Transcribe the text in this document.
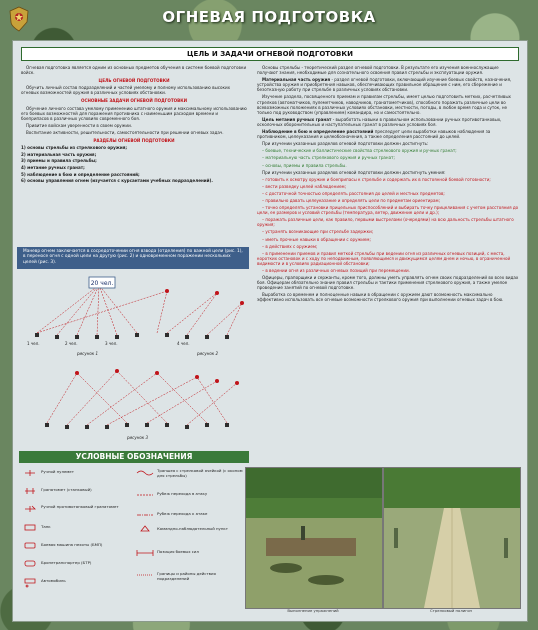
ОГНЕВАЯ ПОДГОТОВКА
ЦЕЛЬ И ЗАДАЧИ ОГНЕВОЙ ПОДГОТОВКИ

Огневая подготовка является одним из основных предметов обучения в системе боевой подготовки войск.

ЦЕЛЬ ОГНЕВОЙ ПОДГОТОВКИ

Обучить личный состав подразделений и частей умелому и полному использованию высоких огневых возможностей оружия в различных условиях обстановки.

ОСНОВНЫЕ ЗАДАЧИ ОГНЕВОЙ ПОДГОТОВКИ

Обучение личного состава умелому применению штатного оружия и максимальному использованию его боевых возможностей для поражения противника с наименьшим расходом времени и боеприпасов в различных условиях современного боя.

Привитие войскам уверенности в своем оружии.

Воспитание активности, решительности, самостоятельности при решении огневых задач.

РАЗДЕЛЫ ОГНЕВОЙ ПОДГОТОВКИ

1) основы стрельбы из стрелкового оружия;
2) материальная часть оружия;
3) приемы и правила стрельбы;
4) метание ручных гранат;
5) наблюдение в бою и определение расстояний;
6) основы управления огнем (изучается с курсантами учебных подразделений).
Маневр огнем заключается в сосредоточении огня взвода (отделения) по важной цели (рис. 1), в переносе огня с одной цели на другую (рис. 2) и одновременном поражении нескольких целей (рис. 3).
20 чел.
1 чел.	2 чел.	3 чел.	4 чел.
рисунок 1	рисунок 2
рисунок 3
УСЛОВНЫЕ ОБОЗНАЧЕНИЯ
Ручной пулемет
Гранатомет (станковый)
Ручной противотанковый гранатомет
Танк
Боевая машина пехоты (БМП)
Бронетранспортер (БТР)
Автомобиль
Траншея с стрелковой ячейкой (с окопом для стрельбы)
Рубеж перехода в атаку
Рубеж перехода к атаке
Командно-наблюдательный пункт
Позиция боевых сил
Границы и районы действия подразделений

Основы стрельбы - теоретический раздел огневой подготовки. В результате его изучения военнослужащие получают знания, необходимые для сознательного освоения правил стрельбы и эксплуатации оружия.

Материальная часть оружия - раздел огневой подготовки, включающий изучение боевых свойств, назначения, устройства оружия и приобретения навыков, обеспечивающих правильное обращение с ним, его сбережение и безотказную работу при стрельбе в различных условиях обстановки.

Изучение раздела, посвященного приемам и правилам стрельбы, имеет целью подготовить метких, расчетливых стрелков (автоматчиков, пулеметчиков, наводчиков, гранатометчиков), способного поражать различные цели во всевозможных положениях в различных условиях обстановки, местности, погоды, в любое время года и суток, не только под руководством (управлением) командира, но и самостоятельно.

Цель метания ручных гранат - выработать навыки в правильном использовании ручных противотанковых, осколочных оборонительных и наступательных гранат в различных условиях боя.

Наблюдение в бою и определение расстояний преследует цели выработки навыков наблюдения за противником, целеуказания и целеобозначения, а также определения расстояний до целей.

При изучении указанных разделов огневой подготовки должен достигнуть:

– боевые, технические и баллистические свойства стрелкового оружия и ручных гранат;

– материальную часть стрелкового оружия и ручных гранат;

– основы, приемы и правила стрельбы.

При изучении указанных разделов огневой подготовки должен достигнуть умения:

– готовить к осмотру оружие и боеприпасы к стрельбе и содержать их в постоянной боевой готовности;

– вести разведку целей наблюдением;

– с достаточной точностью определять расстояния до целей и местных предметов;

– правильно давать целеуказание и определять цели по предметам ориентирам;

– точно определять установки прицельных приспособлений и выбирать точку прицеливания с учетом расстояния до цели, ее размеров и условий стрельбы (температура, ветер, движение цели и др.);

– поражать различные цели, как правило, первыми выстрелами (очередями) на всю дальность стрельбы штатного оружия;

– устранять возникающие при стрельбе задержки;

– иметь прочные навыки в обращении с оружием;

– в действиях с оружием;

– в применении приемов и правил меткой стрельбы при ведении огня из различных огневых позиций, с места, коротких остановок и с ходу по неподвижным, появляющимся и движущимся целям днем и ночью, в ограниченной видимости и в условиях радиационной обстановки;

– в ведении огня из различных огневых позиций при перемещении.

Офицеры, прапорщики и сержанты, кроме того, должны уметь управлять огнем своих подразделений во всех видах боя. Офицерам обязательно знание правил стрельбы и тактики применения стрелкового оружия, а также умелое проведение занятий по огневой подготовке.

Выработка со временем и полноценные навыки в обращении с оружием дают возможность максимально эффективно использовать все огневые возможности стрелкового оружия при выполнении огневых задач в бою.

Выполнение упражнений	Стрелковый полигон
